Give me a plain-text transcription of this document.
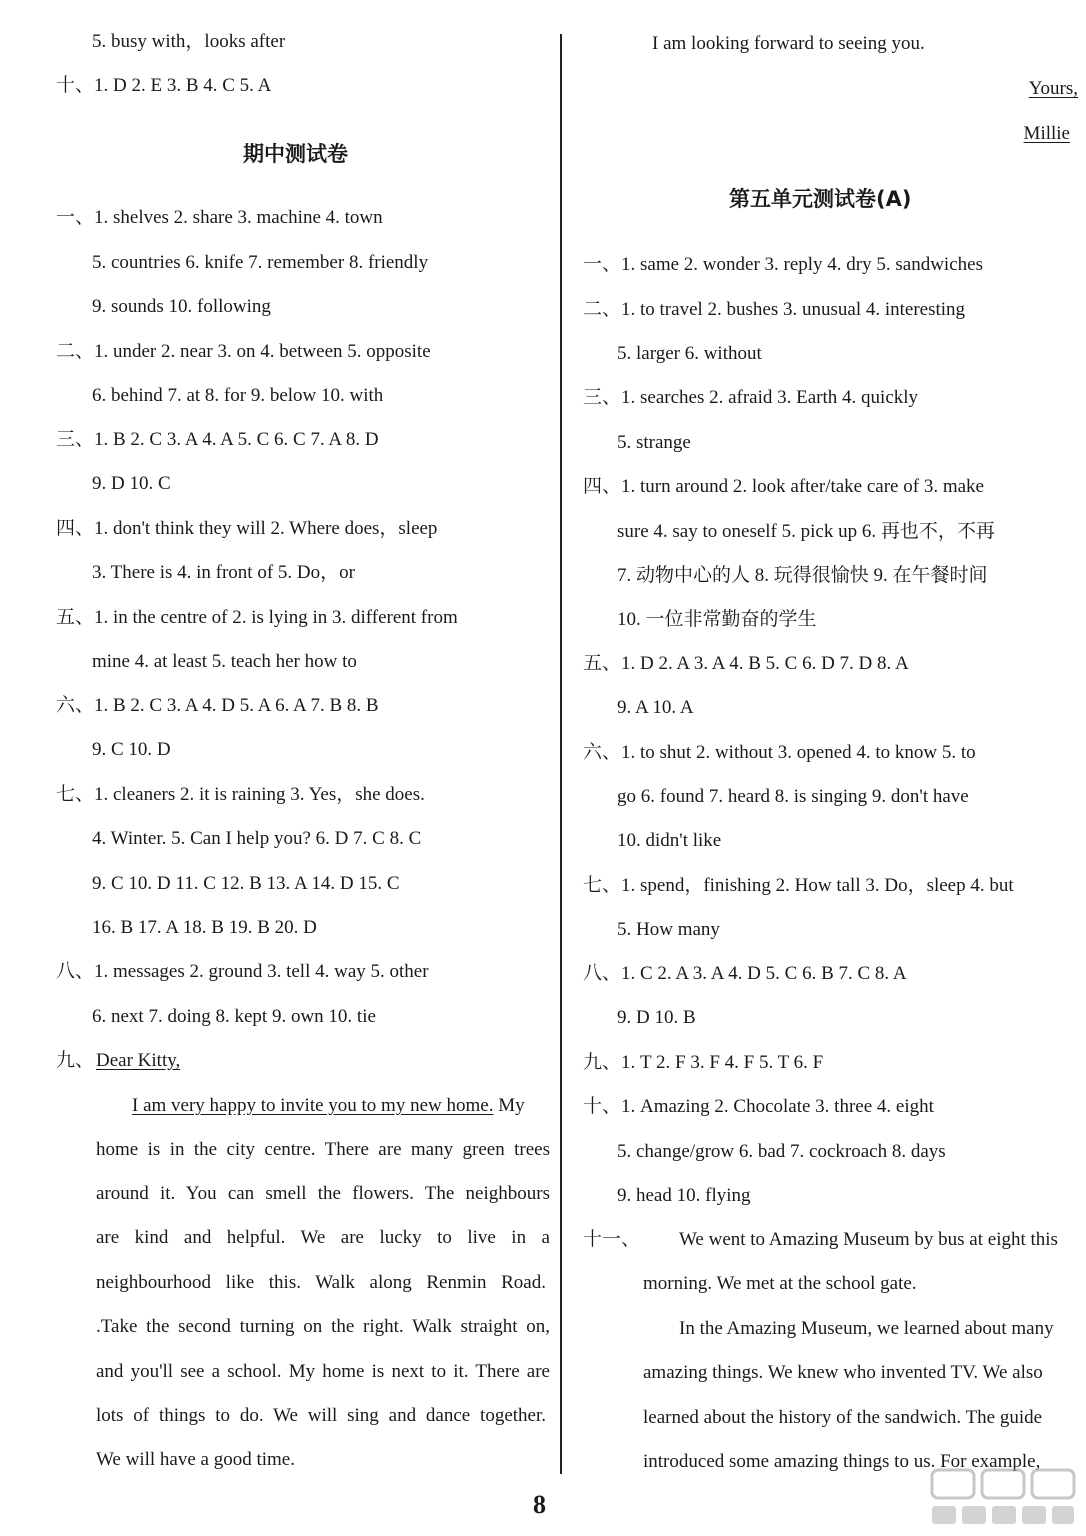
5. busy with，looks after
十、1. D 2. E 3. B 4. C 5. A
期中测试卷
一、1. shelves 2. share 3. machine 4. town
5. countries 6. knife 7. remember 8. friendly
9. sounds 10. following
二、1. under 2. near 3. on 4. between 5. opposite
6. behind 7. at 8. for 9. below 10. with
三、1. B 2. C 3. A 4. A 5. C 6. C 7. A 8. D
9. D 10. C
四、1. don't think they will 2. Where does，sleep
3. There is 4. in front of 5. Do，or
五、1. in the centre of 2. is lying in 3. different from
mine 4. at least 5. teach her how to
六、1. B 2. C 3. A 4. D 5. A 6. A 7. B 8. B
9. C 10. D
七、1. cleaners 2. it is raining 3. Yes，she does.
4. Winter. 5. Can I help you? 6. D 7. C 8. C
9. C 10. D 11. C 12. B 13. A 14. D 15. C
16. B 17. A 18. B 19. B 20. D
八、1. messages 2. ground 3. tell 4. way 5. other
6. next 7. doing 8. kept 9. own 10. tie
九、 Dear Kitty,
I am very happy to invite you to my new home. My
home is in the city centre. There are many green trees
around it. You can smell the flowers. The neighbours
are kind and helpful. We are lucky to live in a
neighbourhood like this. Walk along Renmin Road.
.Take the second turning on the right. Walk straight on,
and you'll see a school. My home is next to it. There are
lots of things to do. We will sing and dance together.
We will have a good time.
I am looking forward to seeing you.
Yours,
Millie
第五单元测试卷(A)
一、1. same 2. wonder 3. reply 4. dry 5. sandwiches
二、1. to travel 2. bushes 3. unusual 4. interesting
5. larger 6. without
三、1. searches 2. afraid 3. Earth 4. quickly
5. strange
四、1. turn around 2. look after/take care of 3. make
sure 4. say to oneself 5. pick up 6. 再也不，不再
7. 动物中心的人 8. 玩得很愉快 9. 在午餐时间
10. 一位非常勤奋的学生
五、1. D 2. A 3. A 4. B 5. C 6. D 7. D 8. A
9. A 10. A
六、1. to shut 2. without 3. opened 4. to know 5. to
go 6. found 7. heard 8. is singing 9. don't have
10. didn't like
七、1. spend，finishing 2. How tall 3. Do，sleep 4. but
5. How many
八、1. C 2. A 3. A 4. D 5. C 6. B 7. C 8. A
9. D 10. B
九、1. T 2. F 3. F 4. F 5. T 6. F
十、1. Amazing 2. Chocolate 3. three 4. eight
5. change/grow 6. bad 7. cockroach 8. days
9. head 10. flying
十一、 We went to Amazing Museum by bus at eight this
morning. We met at the school gate.
In the Amazing Museum, we learned about many
amazing things. We knew who invented TV. We also
learned about the history of the sandwich. The guide
introduced some amazing things to us. For example,
8
